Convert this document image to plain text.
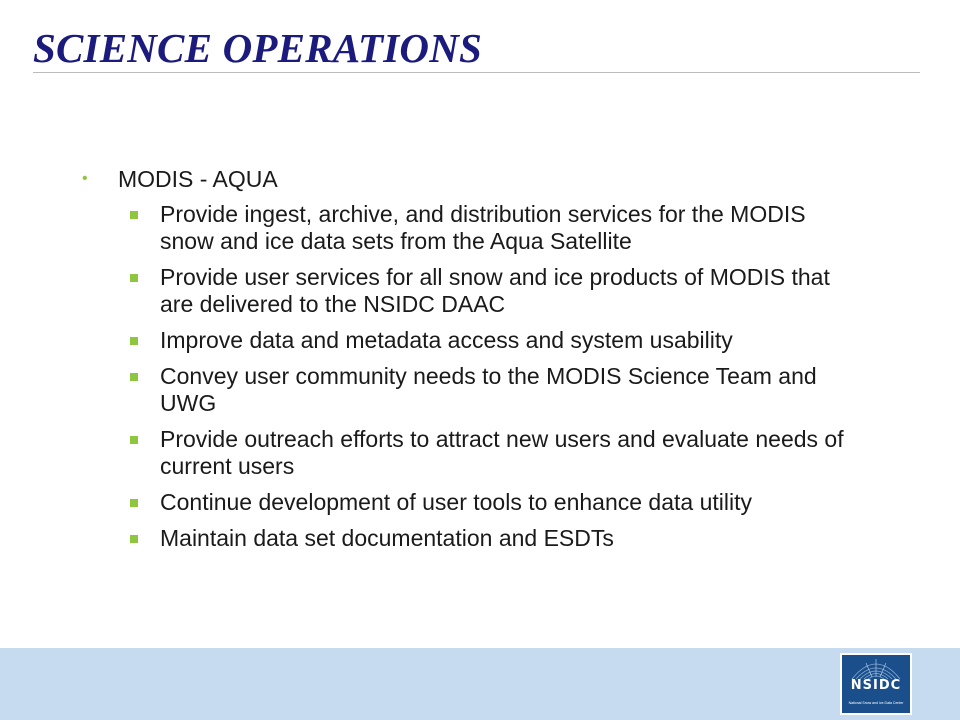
SCIENCE OPERATIONS
•	MODIS - AQUA
Provide ingest, archive, and distribution services for the MODIS snow and ice data sets from the Aqua Satellite
Provide user services for all snow and ice products of MODIS that are delivered to the NSIDC DAAC
Improve data and metadata access and system usability
Convey user community needs to the MODIS Science Team and UWG
Provide outreach efforts to attract new users and evaluate needs of current users
Continue development of user tools to enhance data utility
Maintain data set documentation and ESDTs
NSIDC
National Snow and Ice Data Center
